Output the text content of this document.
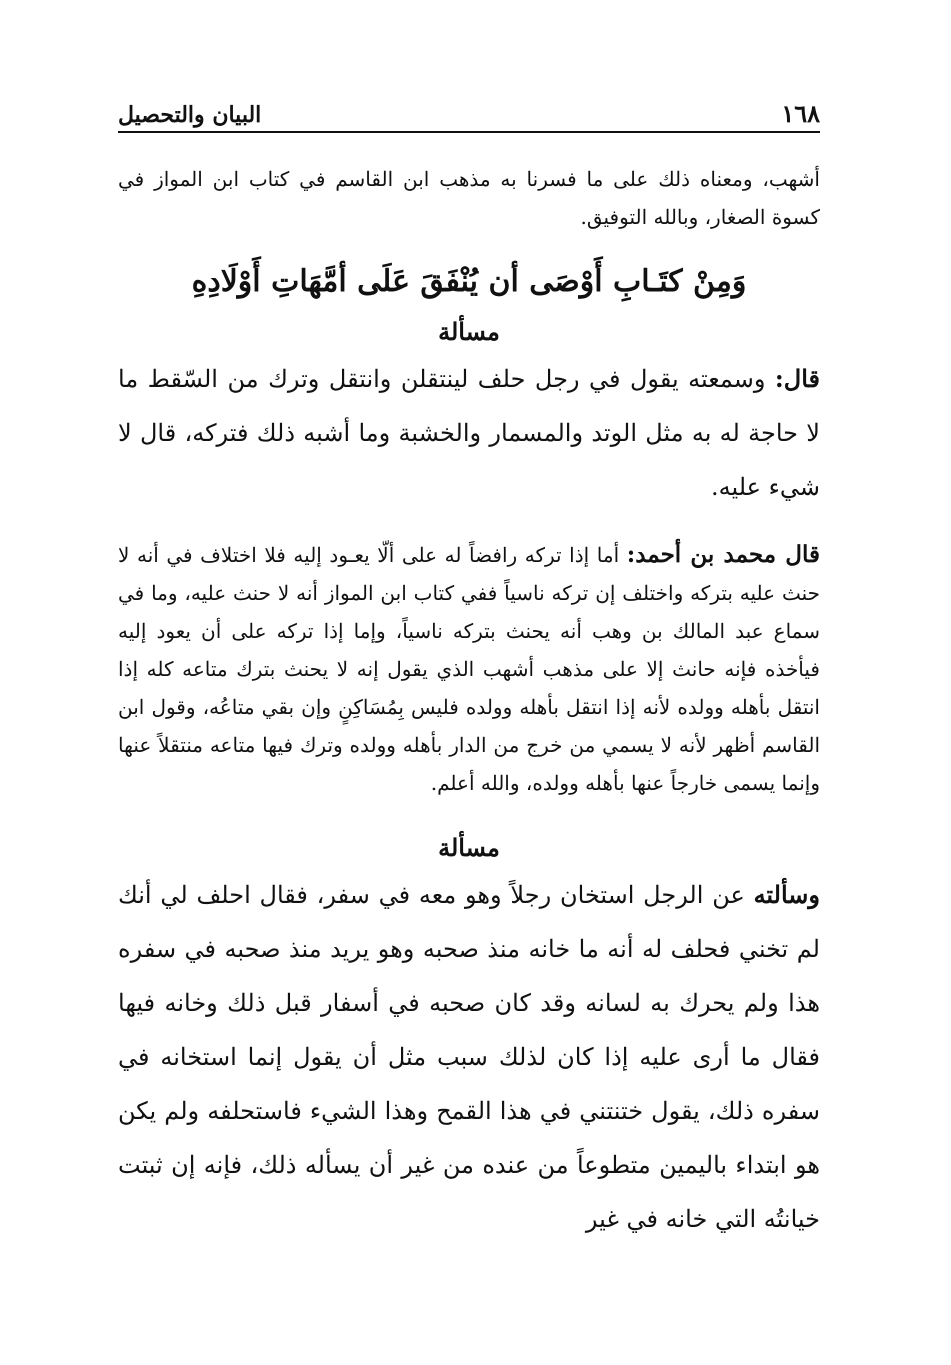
١٦٨
البيان والتحصيل

أشهب، ومعناه ذلك على ما فسرنا به مذهب ابن القاسم في كتاب ابن المواز في كسوة الصغار، وبالله التوفيق.

وَمِنْ كتَـابِ أَوْصَى أن يُنْفَقَ عَلَى أمَّهَاتِ أَوْلَادِهِ
مسألة

قال: وسمعته يقول في رجل حلف لينتقلن وانتقل وترك من السّقط ما لا حاجة له به مثل الوتد والمسمار والخشبة وما أشبه ذلك فتركه، قال لا شيء عليه.

قال محمد بن أحمد: أما إذا تركه رافضاً له على ألّا يعـود إليه فلا اختلاف في أنه لا حنث عليه بتركه واختلف إن تركه ناسياً ففي كتاب ابن المواز أنه لا حنث عليه، وما في سماع عبد المالك بن وهب أنه يحنث بتركه ناسياً، وإما إذا تركه على أن يعود إليه فيأخذه فإنه حانث إلا على مذهب أشهب الذي يقول إنه لا يحنث بترك متاعه كله إذا انتقل بأهله وولده لأنه إذا انتقل بأهله وولده فليس بِمُسَاكِنٍ وإن بقي متاعُه، وقول ابن القاسم أظهر لأنه لا يسمي من خرج من الدار بأهله وولده وترك فيها متاعه منتقلاً عنها وإنما يسمى خارجاً عنها بأهله وولده، والله أعلم.

مسألة

وسألته عن الرجل استخان رجلاً وهو معه في سفر، فقال احلف لي أنك لم تخني فحلف له أنه ما خانه منذ صحبه وهو يريد منذ صحبه في سفره هذا ولم يحرك به لسانه وقد كان صحبه في أسفار قبل ذلك وخانه فيها فقال ما أرى عليه إذا كان لذلك سبب مثل أن يقول إنما استخانه في سفره ذلك، يقول ختنتني في هذا القمح وهذا الشيء فاستحلفه ولم يكن هو ابتداء باليمين متطوعاً من عنده من غير أن يسأله ذلك، فإنه إن ثبتت خيانتُه التي خانه في غير
